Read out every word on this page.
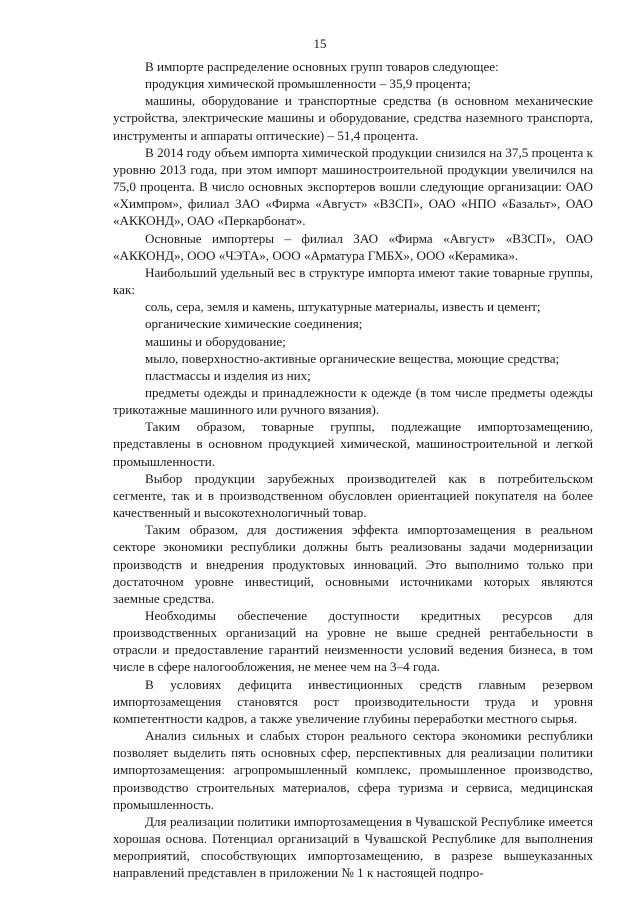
15

В импорте распределение основных групп товаров следующее:

продукция химической промышленности – 35,9 процента;

машины, оборудование и транспортные средства (в основном механические устройства, электрические машины и оборудование, средства наземного транспорта, инструменты и аппараты оптические) – 51,4 процента.

В 2014 году объем импорта химической продукции снизился на 37,5 процента к уровню 2013 года, при этом импорт машиностроительной продукции увеличился на 75,0 процента. В число основных экспортеров вошли следующие организации: ОАО «Химпром», филиал ЗАО «Фирма «Август» «ВЗСП», ОАО «НПО «Базальт», ОАО «АККОНД», ОАО «Перкарбонат».

Основные импортеры – филиал ЗАО «Фирма «Август» «ВЗСП», ОАО «АККОНД», ООО «ЧЭТА», ООО «Арматура ГМБХ», ООО «Керамика».

Наибольший удельный вес в структуре импорта имеют такие товарные группы, как:

соль, сера, земля и камень, штукатурные материалы, известь и цемент;

органические химические соединения;

машины и оборудование;

мыло, поверхностно-активные органические вещества, моющие средства;

пластмассы и изделия из них;

предметы одежды и принадлежности к одежде (в том числе предметы одежды трикотажные машинного или ручного вязания).

Таким образом, товарные группы, подлежащие импортозамещению, представлены в основном продукцией химической, машиностроительной и легкой промышленности.

Выбор продукции зарубежных производителей как в потребительском сегменте, так и в производственном обусловлен ориентацией покупателя на более качественный и высокотехнологичный товар.

Таким образом, для достижения эффекта импортозамещения в реальном секторе экономики республики должны быть реализованы задачи модернизации производств и внедрения продуктовых инноваций. Это выполнимо только при достаточном уровне инвестиций, основными источниками которых являются заемные средства.

Необходимы обеспечение доступности кредитных ресурсов для производственных организаций на уровне не выше средней рентабельности в отрасли и предоставление гарантий неизменности условий ведения бизнеса, в том числе в сфере налогообложения, не менее чем на 3–4 года.

В условиях дефицита инвестиционных средств главным резервом импортозамещения становятся рост производительности труда и уровня компетентности кадров, а также увеличение глубины переработки местного сырья.

Анализ сильных и слабых сторон реального сектора экономики республики позволяет выделить пять основных сфер, перспективных для реализации политики импортозамещения: агропромышленный комплекс, промышленное производство, производство строительных материалов, сфера туризма и сервиса, медицинская промышленность.

Для реализации политики импортозамещения в Чувашской Республике имеется хорошая основа. Потенциал организаций в Чувашской Республике для выполнения мероприятий, способствующих импортозамещению, в разрезе вышеуказанных направлений представлен в приложении № 1 к настоящей подпро-
